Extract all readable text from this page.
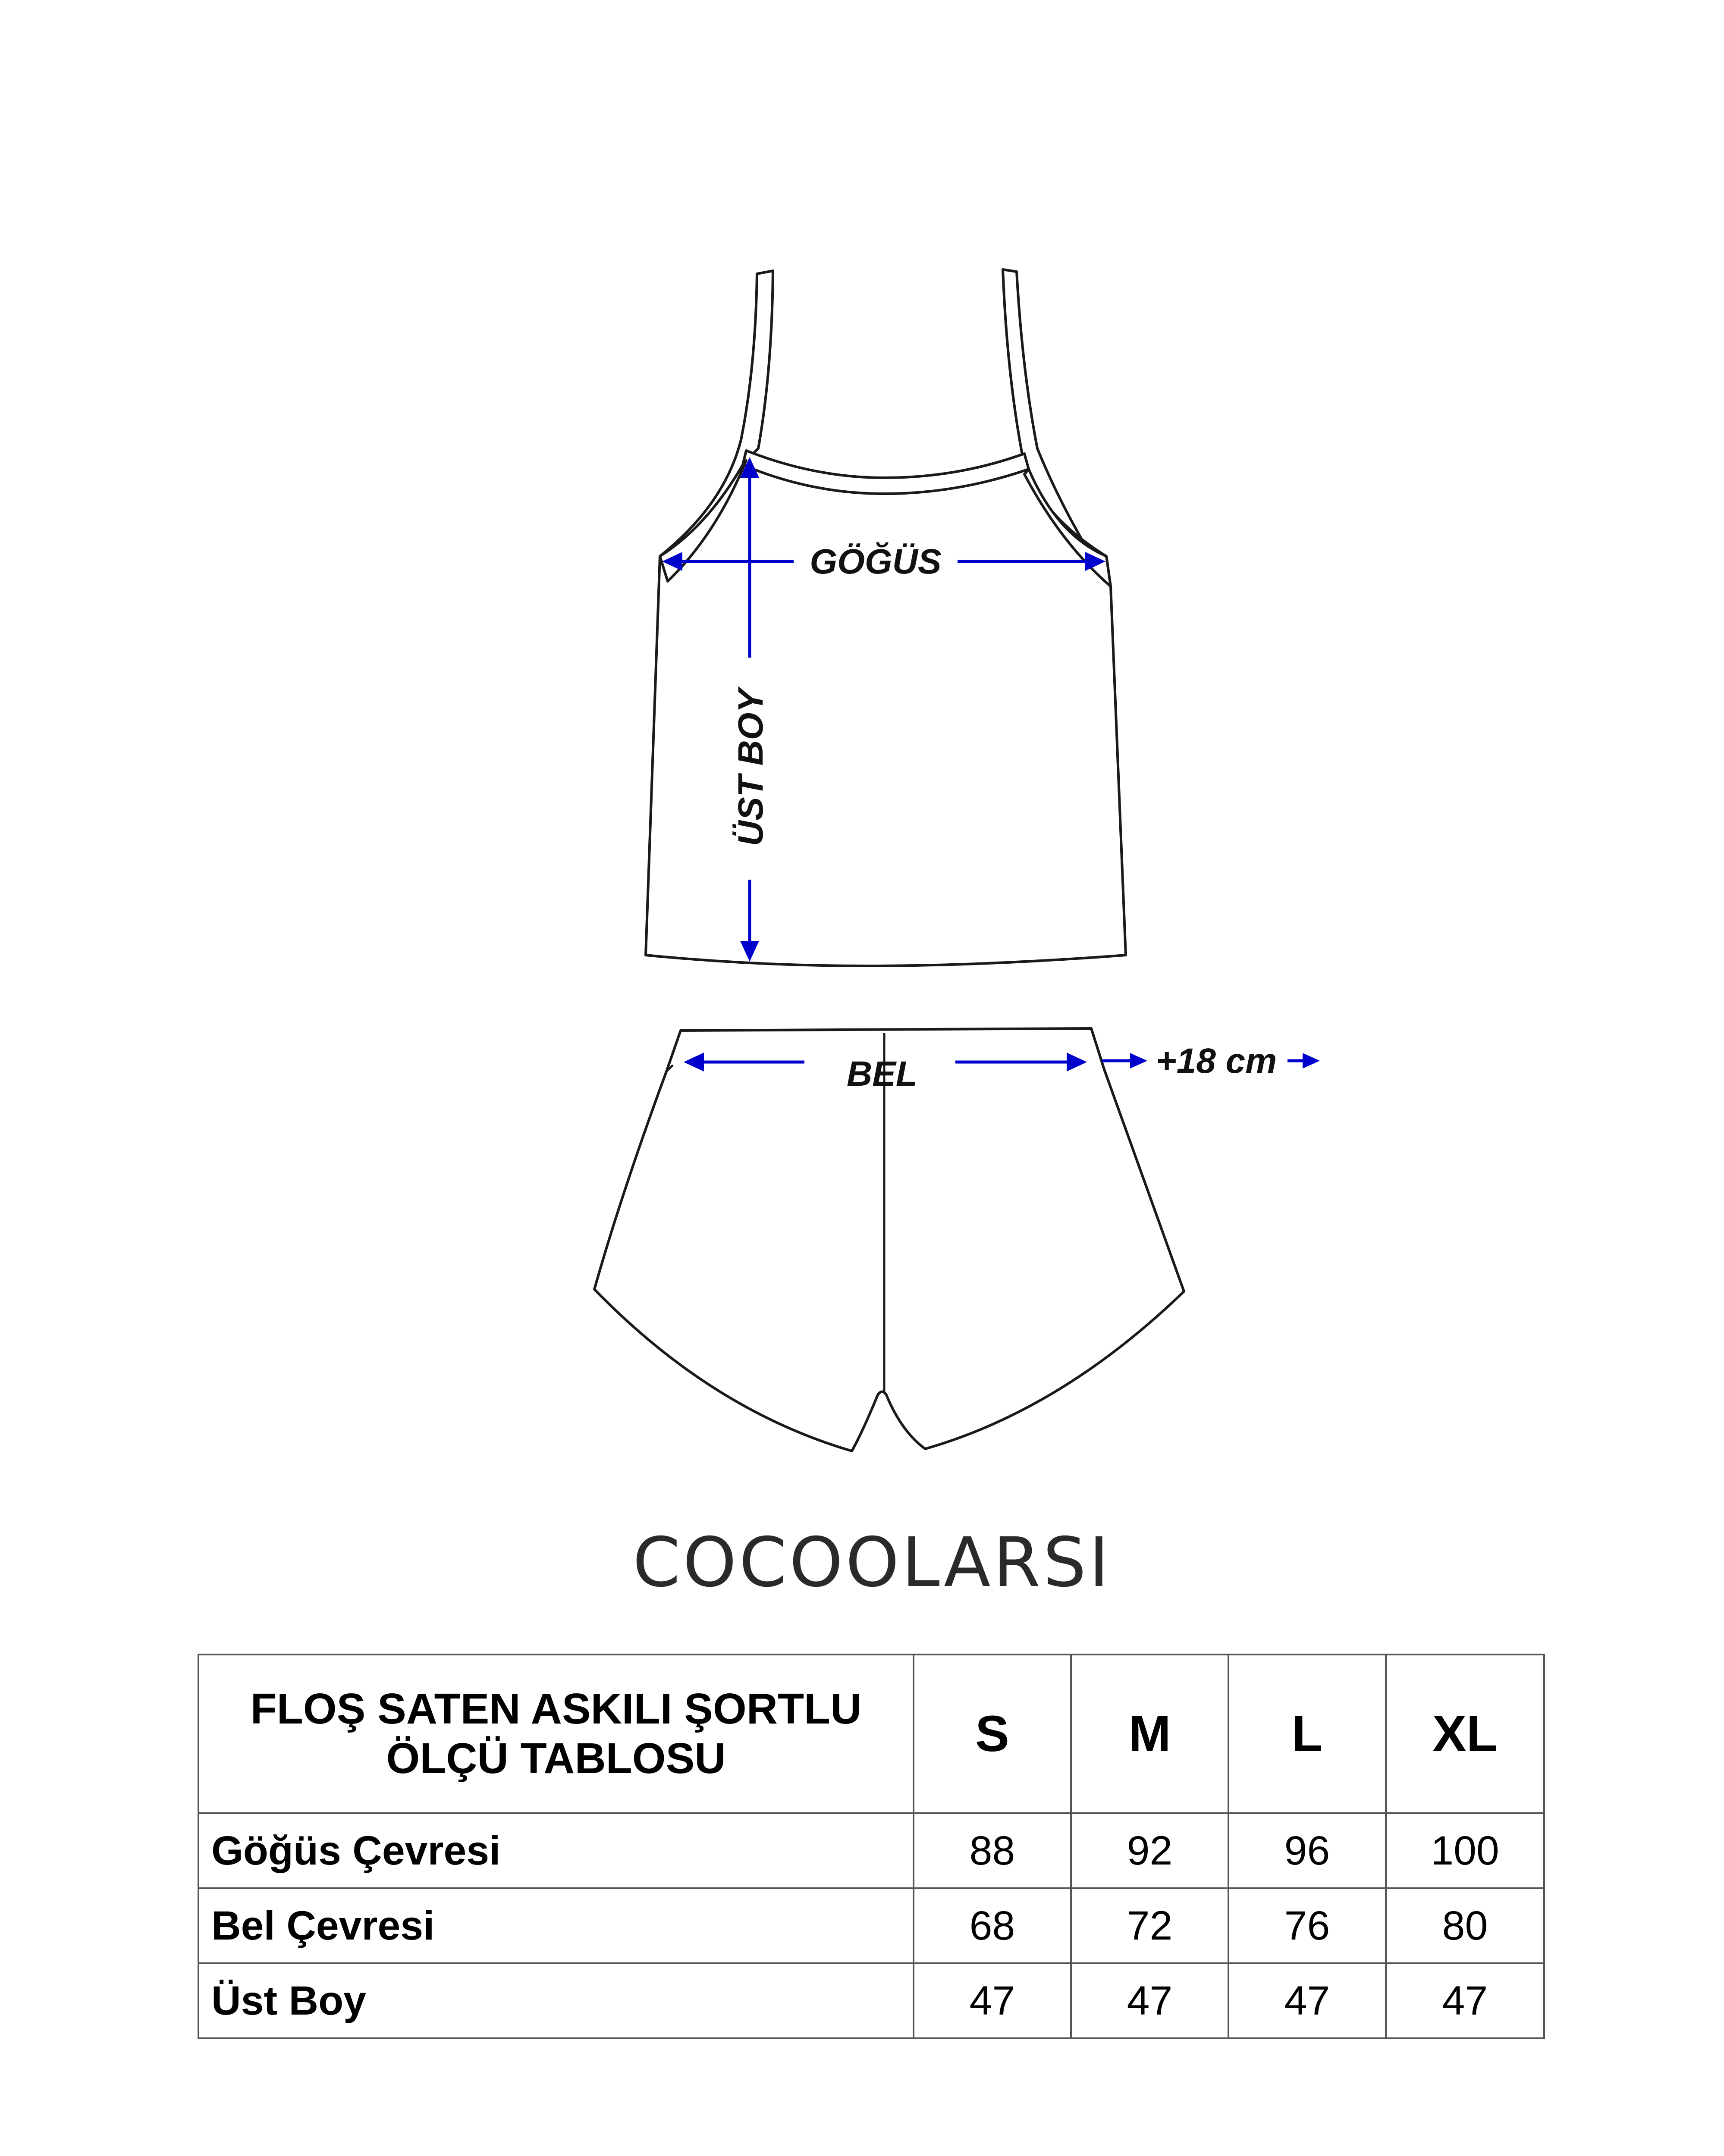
GÖĞÜS
ÜST BOY
BEL	+18 cm
COCOOLARSI
FLOŞ SATEN ASKILI ŞORTLU
ÖLÇÜ TABLOSU	S	M	L	XL
Göğüs Çevresi	88	92	96	100
Bel Çevresi	68	72	76	80
Üst Boy	47	47	47	47
